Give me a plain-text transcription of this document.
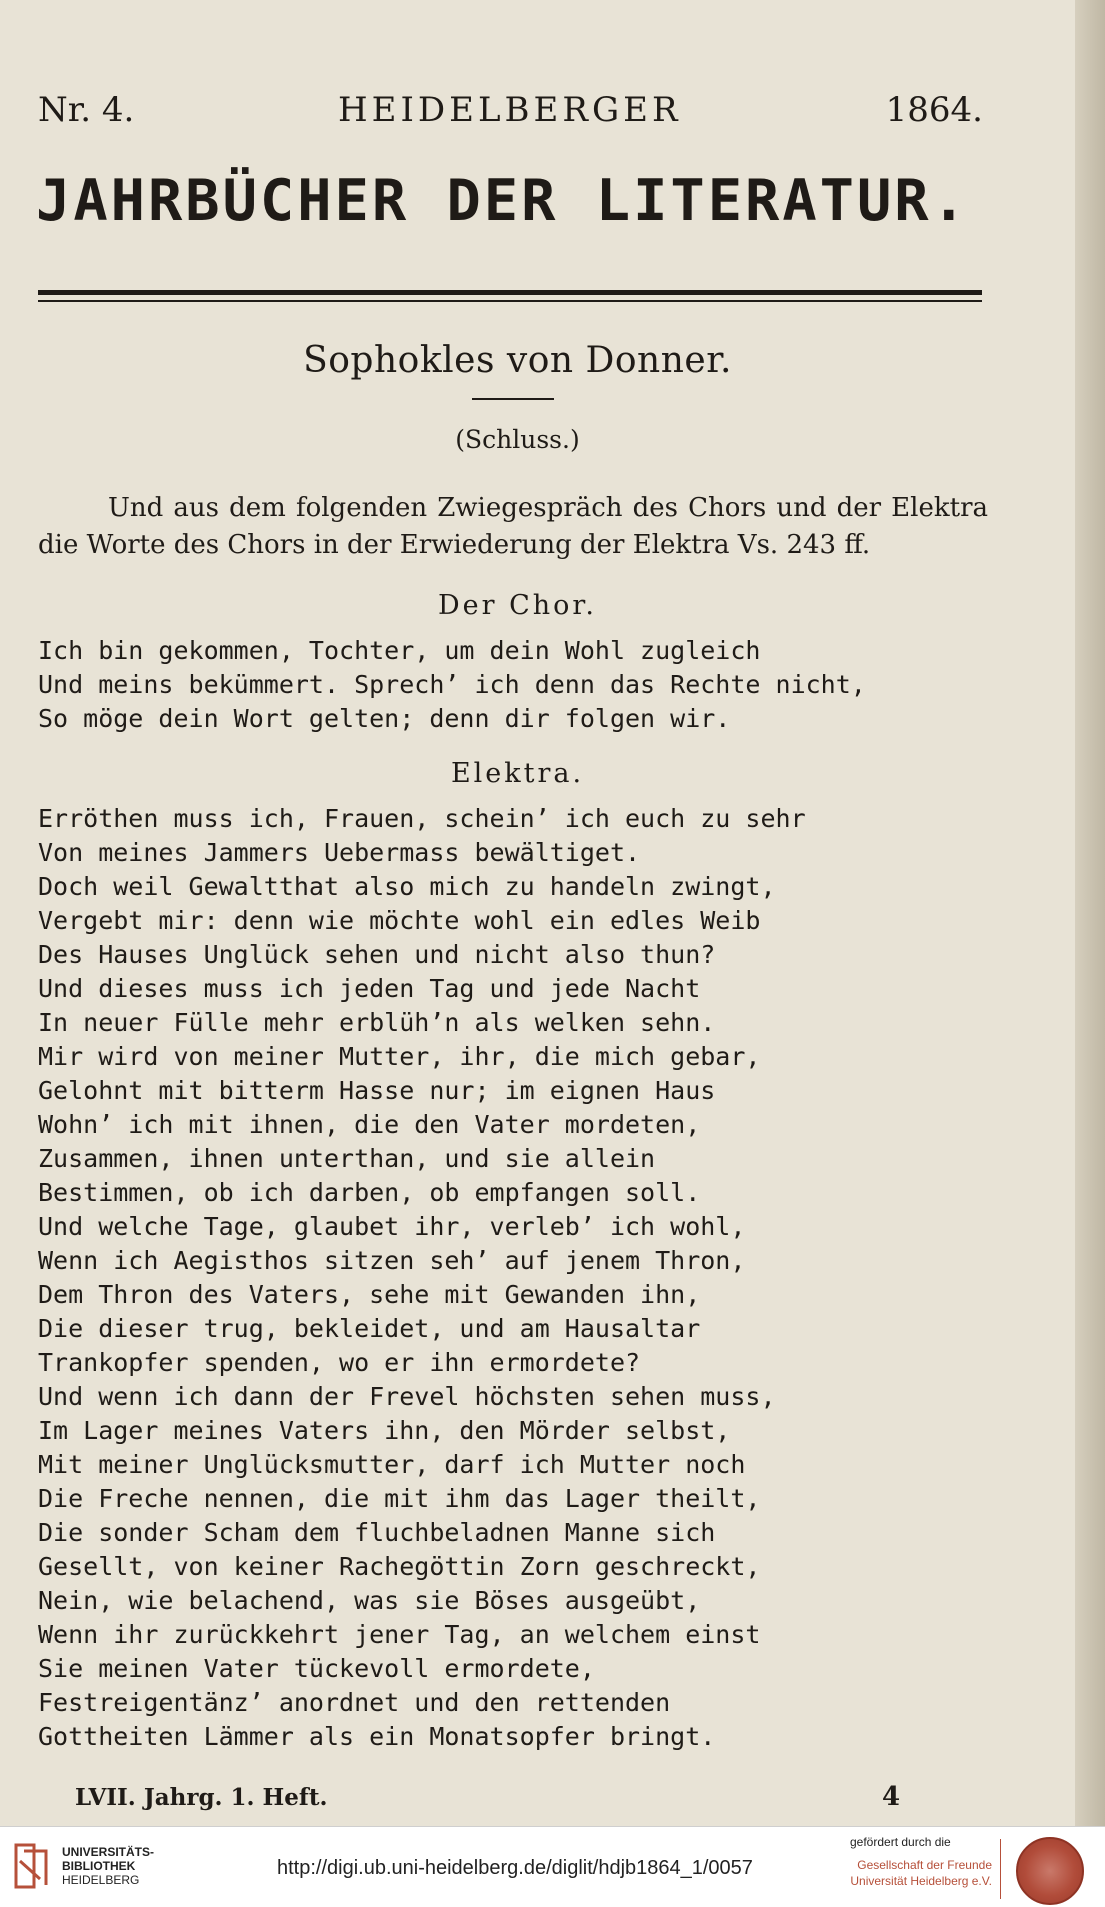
Nr. 4.	HEIDELBERGER	1864.
JAHRBÜCHER DER LITERATUR.
Sophokles von Donner.
(Schluss.)
Und aus dem folgenden Zwiegespräch des Chors und der Elektra die Worte des Chors in der Erwiederung der Elektra Vs. 243 ff.
Der Chor.
Ich bin gekommen, Tochter, um dein Wohl zugleich
Und meins bekümmert. Sprech’ ich denn das Rechte nicht,
So möge dein Wort gelten; denn dir folgen wir.
Elektra.
Erröthen muss ich, Frauen, schein’ ich euch zu sehr
Von meines Jammers Uebermass bewältiget.
Doch weil Gewaltthat also mich zu handeln zwingt,
Vergebt mir: denn wie möchte wohl ein edles Weib
Des Hauses Unglück sehen und nicht also thun?
Und dieses muss ich jeden Tag und jede Nacht
In neuer Fülle mehr erblüh’n als welken sehn.
Mir wird von meiner Mutter, ihr, die mich gebar,
Gelohnt mit bitterm Hasse nur; im eignen Haus
Wohn’ ich mit ihnen, die den Vater mordeten,
Zusammen, ihnen unterthan, und sie allein
Bestimmen, ob ich darben, ob empfangen soll.
Und welche Tage, glaubet ihr, verleb’ ich wohl,
Wenn ich Aegisthos sitzen seh’ auf jenem Thron,
Dem Thron des Vaters, sehe mit Gewanden ihn,
Die dieser trug, bekleidet, und am Hausaltar
Trankopfer spenden, wo er ihn ermordete?
Und wenn ich dann der Frevel höchsten sehen muss,
Im Lager meines Vaters ihn, den Mörder selbst,
Mit meiner Unglücksmutter, darf ich Mutter noch
Die Freche nennen, die mit ihm das Lager theilt,
Die sonder Scham dem fluchbeladnen Manne sich
Gesellt, von keiner Rachegöttin Zorn geschreckt,
Nein, wie belachend, was sie Böses ausgeübt,
Wenn ihr zurückkehrt jener Tag, an welchem einst
Sie meinen Vater tückevoll ermordete,
Festreigentänz’ anordnet und den rettenden
Gottheiten Lämmer als ein Monatsopfer bringt.
LVII. Jahrg. 1. Heft.	4
UNIVERSITÄTS-
BIBLIOTHEK
HEIDELBERG
http://digi.ub.uni-heidelberg.de/diglit/hdjb1864_1/0057
gefördert durch die
Gesellschaft der Freunde
Universität Heidelberg e.V.
